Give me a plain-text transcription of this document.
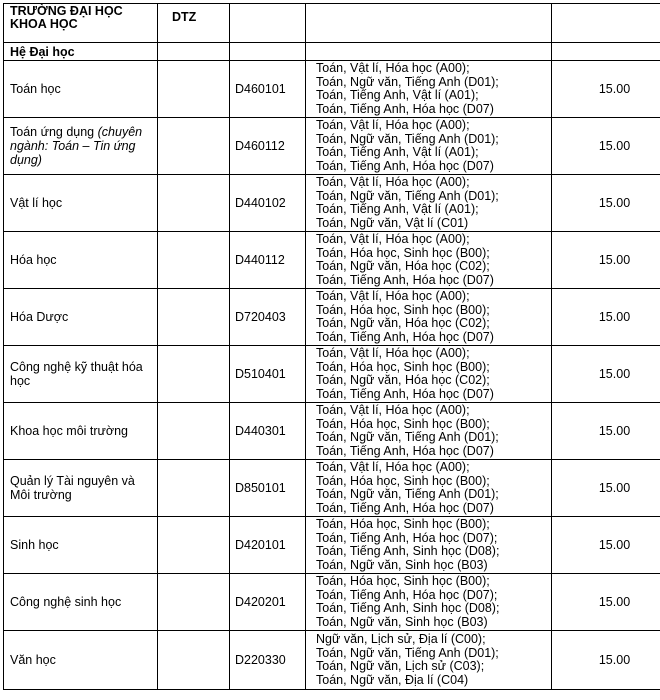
TRƯỜNG ĐẠI HỌC
KHOA HỌC	DTZ			
Hệ Đại học				
Toán học		D460101	Toán, Vật lí, Hóa học (A00);
Toán, Ngữ văn, Tiếng Anh (D01);
Toán, Tiếng Anh, Vật lí (A01);
Toán, Tiếng Anh, Hóa học (D07)	15.00
Toán ứng dụng (chuyên ngành: Toán – Tin ứng dụng)		D460112	Toán, Vật lí, Hóa học (A00);
Toán, Ngữ văn, Tiếng Anh (D01);
Toán, Tiếng Anh, Vật lí (A01);
Toán, Tiếng Anh, Hóa học (D07)	15.00
Vật lí học		D440102	Toán, Vật lí, Hóa học (A00);
Toán, Ngữ văn, Tiếng Anh (D01);
Toán, Tiếng Anh, Vật lí (A01);
Toán, Ngữ văn, Vật lí (C01)	15.00
Hóa học		D440112	Toán, Vật lí, Hóa học (A00);
Toán, Hóa học, Sinh học (B00);
Toán, Ngữ văn, Hóa học (C02);
Toán, Tiếng Anh, Hóa học (D07)	15.00
Hóa Dược		D720403	Toán, Vật lí, Hóa học (A00);
Toán, Hóa học, Sinh học (B00);
Toán, Ngữ văn, Hóa học (C02);
Toán, Tiếng Anh, Hóa học (D07)	15.00
Công nghệ kỹ thuật hóa học		D510401	Toán, Vật lí, Hóa học (A00);
Toán, Hóa học, Sinh học (B00);
Toán, Ngữ văn, Hóa học (C02);
Toán, Tiếng Anh, Hóa học (D07)	15.00
Khoa học môi trường		D440301	Toán, Vật lí, Hóa học (A00);
Toán, Hóa học, Sinh học (B00);
Toán, Ngữ văn, Tiếng Anh (D01);
Toán, Tiếng Anh, Hóa học (D07)	15.00
Quản lý Tài nguyên và Môi trường		D850101	Toán, Vật lí, Hóa học (A00);
Toán, Hóa học, Sinh học (B00);
Toán, Ngữ văn, Tiếng Anh (D01);
Toán, Tiếng Anh, Hóa học (D07)	15.00
Sinh học		D420101	Toán, Hóa học, Sinh học (B00);
Toán, Tiếng Anh, Hóa học (D07);
Toán, Tiếng Anh, Sinh học (D08);
Toán, Ngữ văn, Sinh học (B03)	15.00
Công nghệ sinh học		D420201	Toán, Hóa học, Sinh học (B00);
Toán, Tiếng Anh, Hóa học (D07);
Toán, Tiếng Anh, Sinh học (D08);
Toán, Ngữ văn, Sinh học (B03)	15.00
Văn học		D220330	Ngữ văn, Lịch sử, Địa lí (C00);
Toán, Ngữ văn, Tiếng Anh (D01);
Toán, Ngữ văn, Lịch sử (C03);
Toán, Ngữ văn, Địa lí (C04)	15.00
